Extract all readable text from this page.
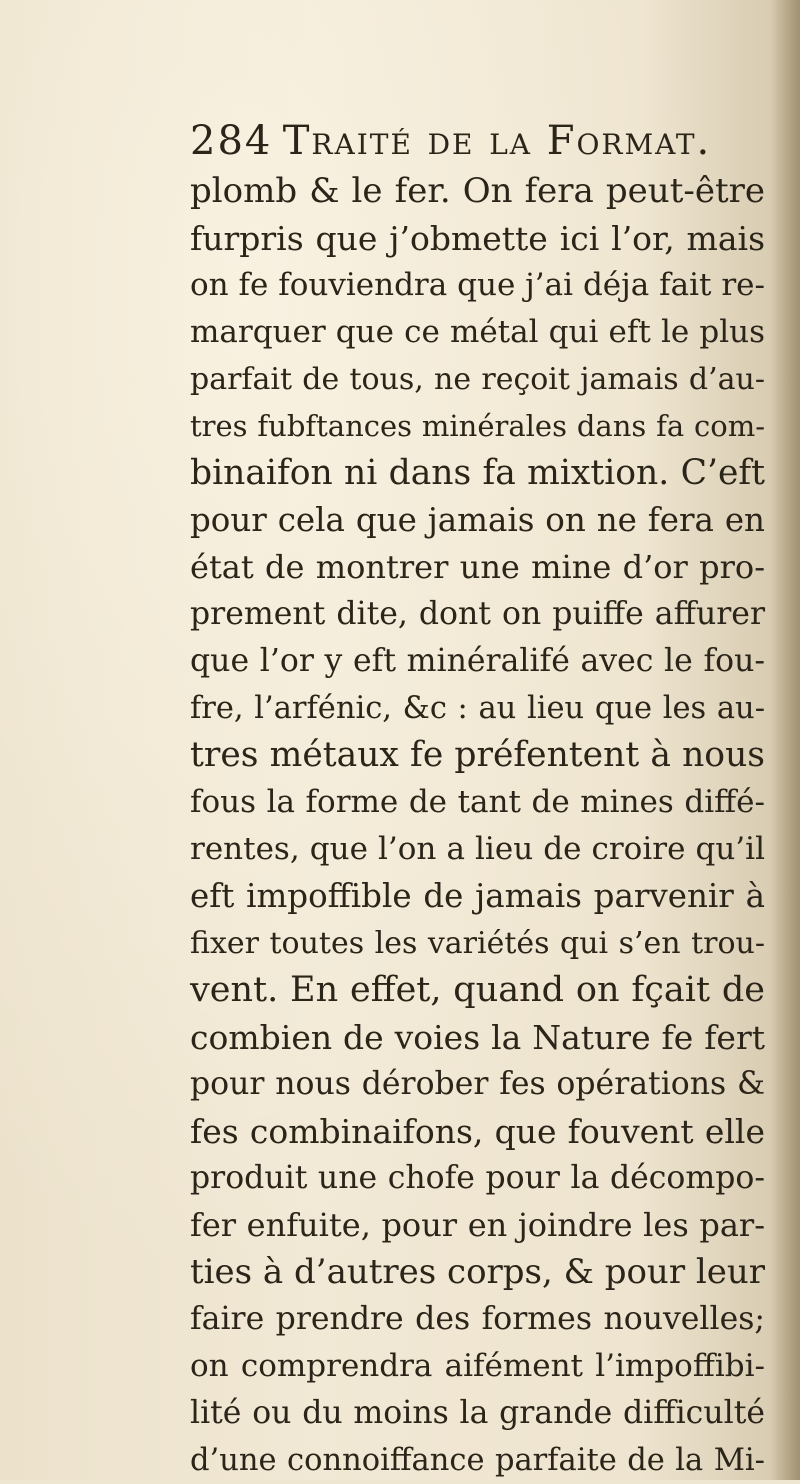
284 Traité de la Format.
plomb & le fer. On fera peut-être
furpris que j’obmette ici l’or, mais
on fe fouviendra que j’ai déja fait re-
marquer que ce métal qui eft le plus
parfait de tous, ne reçoit jamais d’au-
tres fubftances minérales dans fa com-
binaifon ni dans fa mixtion. C’eft
pour cela que jamais on ne fera en
état de montrer une mine d’or pro-
prement dite, dont on puiffe affurer
que l’or y eft minéralifé avec le fou-
fre, l’arfénic, &c : au lieu que les au-
tres métaux fe préfentent à nous
fous la forme de tant de mines diffé-
rentes, que l’on a lieu de croire qu’il
eft impoffible de jamais parvenir à
fixer toutes les variétés qui s’en trou-
vent. En effet, quand on fçait de
combien de voies la Nature fe fert
pour nous dérober fes opérations &
fes combinaifons, que fouvent elle
produit une chofe pour la décompo-
fer enfuite, pour en joindre les par-
ties à d’autres corps, & pour leur
faire prendre des formes nouvelles;
on comprendra aifément l’impoffibi-
lité ou du moins la grande difficulté
d’une connoiffance parfaite de la Mi-
